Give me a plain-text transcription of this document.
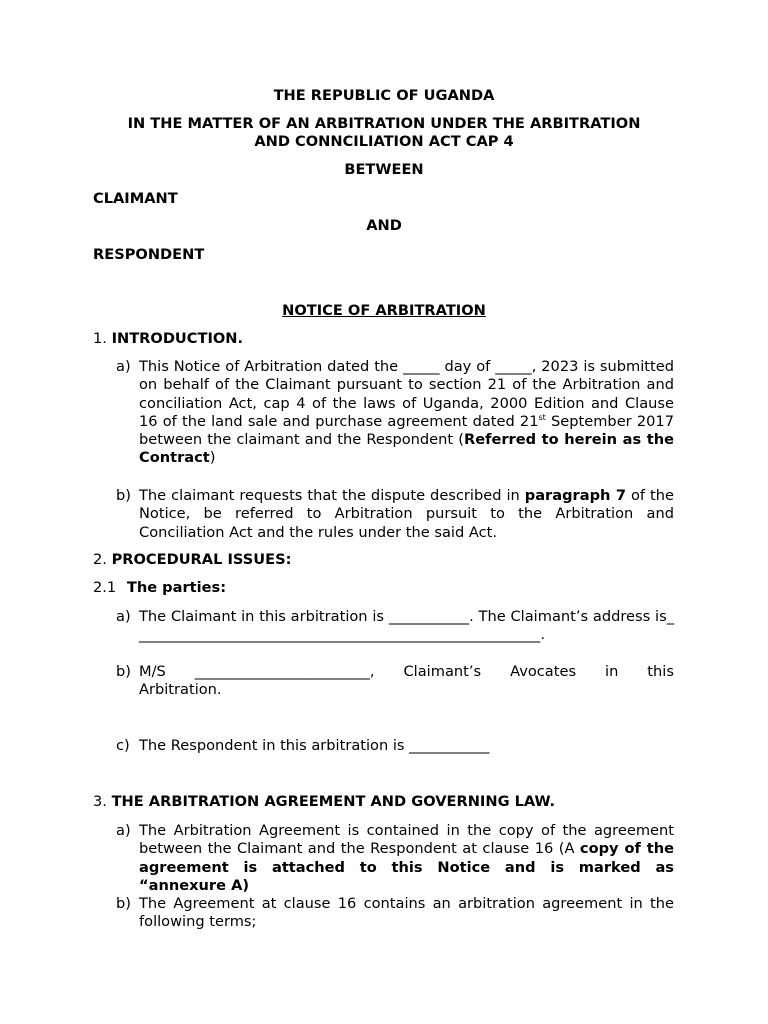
THE REPUBLIC OF UGANDA
IN THE MATTER OF AN ARBITRATION UNDER THE ARBITRATION
AND CONNCILIATION ACT CAP 4
BETWEEN
CLAIMANT
AND
RESPONDENT
NOTICE OF ARBITRATION
1. INTRODUCTION.
a) This Notice of Arbitration dated the _____ day of _____, 2023 is submitted on behalf of the Claimant pursuant to section 21 of the Arbitration and conciliation Act, cap 4 of the laws of Uganda, 2000 Edition and Clause 16 of the land sale and purchase agreement dated 21st September 2017 between the claimant and the Respondent (Referred to herein as the Contract)
b) The claimant requests that the dispute described in paragraph 7 of the Notice, be referred to Arbitration pursuit to the Arbitration and Conciliation Act and the rules under the said Act.
2. PROCEDURAL ISSUES:
2.1 The parties:
a) The Claimant in this arbitration is ___________. The Claimant’s address is________________________________________________________.
b) M/S ________________________, Claimant’s Avocates in this
Arbitration.
c) The Respondent in this arbitration is ___________
3. THE ARBITRATION AGREEMENT AND GOVERNING LAW.
a) The Arbitration Agreement is contained in the copy of the agreement between the Claimant and the Respondent at clause 16 (A copy of the agreement is attached to this Notice and is marked as “annexure A)
b) The Agreement at clause 16 contains an arbitration agreement in the following terms;
